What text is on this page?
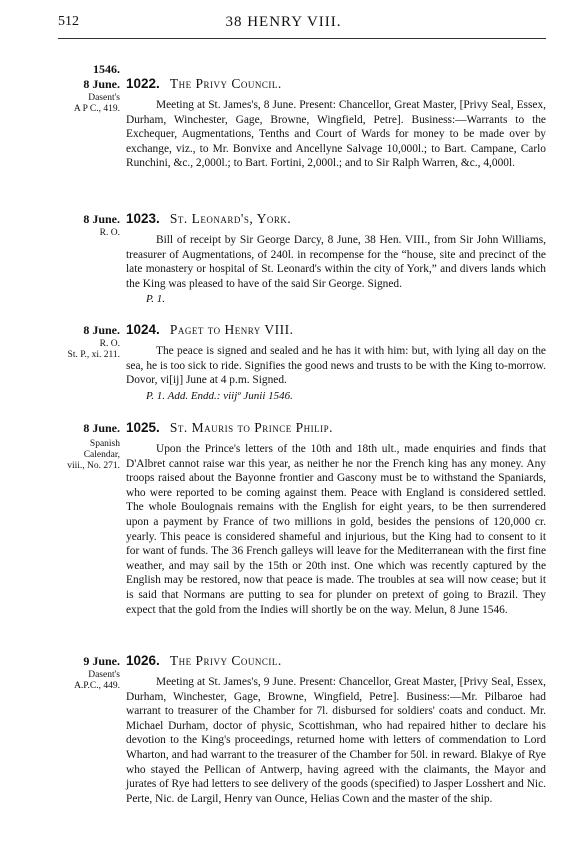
512	38 HENRY VIII.
1546.
8 June.
Dasent's
A P C., 419.
1022. The Privy Council.

Meeting at St. James's, 8 June. Present: Chancellor, Great Master, [Privy Seal, Essex, Durham, Winchester, Gage, Browne, Wingfield, Petre]. Business:—Warrants to the Exchequer, Augmentations, Tenths and Court of Wards for money to be made over by exchange, viz., to Mr. Bonvixe and Ancellyne Salvage 10,000l.; to Bart. Campane, Carlo Runchini, &c., 2,000l.; to Bart. Fortini, 2,000l.; and to Sir Ralph Warren, &c., 4,000l.

8 June.
R. O.
1023. St. Leonard's, York.

Bill of receipt by Sir George Darcy, 8 June, 38 Hen. VIII., from Sir John Williams, treasurer of Augmentations, of 240l. in recompense for the “house, site and precinct of the late monastery or hospital of St. Leonard's within the city of York,” and divers lands which the King was pleased to have of the said Sir George. Signed.

P. 1.
8 June.
R. O.
St. P., xi. 211.
1024. Paget to Henry VIII.

The peace is signed and sealed and he has it with him: but, with lying all day on the sea, he is too sick to ride. Signifies the good news and trusts to be with the King to-morrow. Dovor, vi[ij] June at 4 p.m. Signed.

P. 1. Add. Endd.: viijº Junii 1546.
8 June.
Spanish
Calendar,
viii., No. 271.
1025. St. Mauris to Prince Philip.

Upon the Prince's letters of the 10th and 18th ult., made enquiries and finds that D'Albret cannot raise war this year, as neither he nor the French king has any money. Any troops raised about the Bayonne frontier and Gascony must be to withstand the Spaniards, who were reported to be coming against them. Peace with England is considered settled. The whole Boulognais remains with the English for eight years, to be then surrendered upon a payment by France of two millions in gold, besides the pensions of 120,000 cr. yearly. This peace is considered shameful and injurious, but the King had to consent to it for want of funds. The 36 French galleys will leave for the Mediterranean with the first fine weather, and may sail by the 15th or 20th inst. One which was recently captured by the English may be restored, now that peace is made. The troubles at sea will now cease; but it is said that Normans are putting to sea for plunder on pretext of going to Brazil. They expect that the gold from the Indies will shortly be on the way. Melun, 8 June 1546.

9 June.
Dasent's
A.P.C., 449.
1026. The Privy Council.

Meeting at St. James's, 9 June. Present: Chancellor, Great Master, [Privy Seal, Essex, Durham, Winchester, Gage, Browne, Wingfield, Petre]. Business:—Mr. Pilbaroe had warrant to treasurer of the Chamber for 7l. disbursed for soldiers' coats and conduct. Mr. Michael Durham, doctor of physic, Scottishman, who had repaired hither to declare his devotion to the King's proceedings, returned home with letters of commendation to Lord Wharton, and had warrant to the treasurer of the Chamber for 50l. in reward. Blakye of Rye who stayed the Pellican of Antwerp, having agreed with the claimants, the Mayor and jurates of Rye had letters to see delivery of the goods (specified) to Jasper Losshert and Nic. Perte, Nic. de Largil, Henry van Ounce, Helias Cown and the master of the ship.
